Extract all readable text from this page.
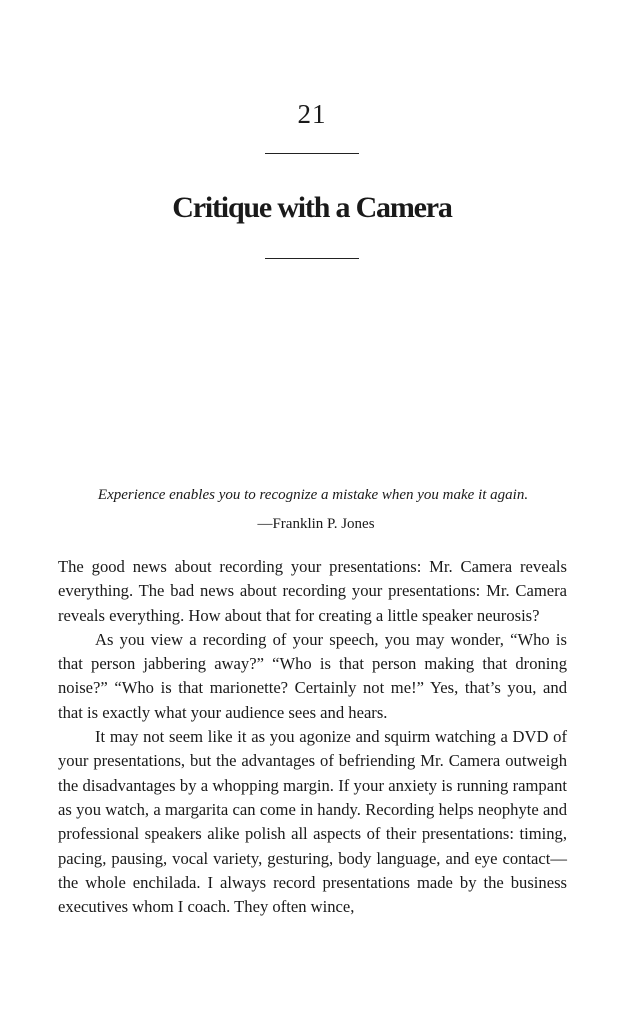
21
Critique with a Camera

Experience enables you to recognize a mistake when you make it again.

—Franklin P. Jones

The good news about recording your presentations: Mr. Camera reveals everything. The bad news about recording your presentations: Mr. Camera reveals everything. How about that for creating a little speaker neurosis?

As you view a recording of your speech, you may wonder, “Who is that person jabbering away?” “Who is that person making that droning noise?” “Who is that marionette? Certainly not me!” Yes, that’s you, and that is exactly what your audience sees and hears.

It may not seem like it as you agonize and squirm watching a DVD of your presentations, but the advantages of befriending Mr. Camera outweigh the disadvantages by a whopping margin. If your anxiety is running rampant as you watch, a margarita can come in handy. Recording helps neophyte and professional speakers alike polish all aspects of their presentations: timing, pacing, pausing, vocal variety, gesturing, body language, and eye contact—the whole enchilada. I always record presentations made by the business executives whom I coach. They often wince,
